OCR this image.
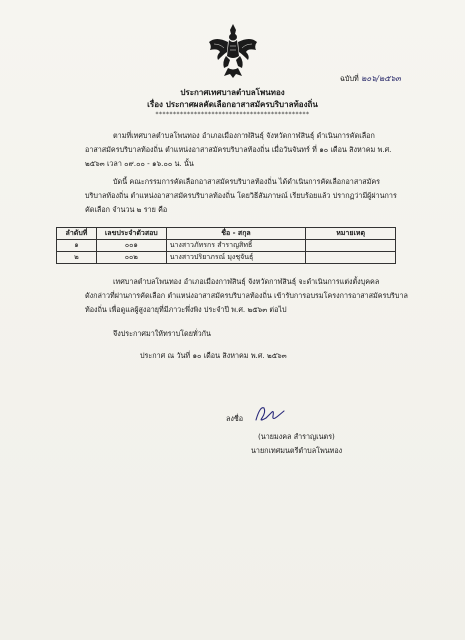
ฉบับที่ ๒๐๖/๒๕๖๓
ประกาศเทศบาลตำบลโพนทอง
เรื่อง ประกาศผลคัดเลือกอาสาสมัครบริบาลท้องถิ่น
********************************************
ตามที่เทศบาลตำบลโพนทอง อำเภอเมืองกาฬสินธุ์ จังหวัดกาฬสินธุ์ ดำเนินการคัดเลือก
อาสาสมัครบริบาลท้องถิ่น ตำแหน่งอาสาสมัครบริบาลท้องถิ่น เมื่อวันจันทร์ ที่ ๑๐ เดือน สิงหาคม พ.ศ.
๒๕๖๓ เวลา ๐๙.๐๐ - ๑๖.๐๐ น. นั้น
บัดนี้ คณะกรรมการคัดเลือกอาสาสมัครบริบาลท้องถิ่น ได้ดำเนินการคัดเลือกอาสาสมัคร
บริบาลท้องถิ่น ตำแหน่งอาสาสมัครบริบาลท้องถิ่น โดยวิธีสัมภาษณ์ เรียบร้อยแล้ว ปรากฏว่ามีผู้ผ่านการ
คัดเลือก จำนวน ๒ ราย คือ
ลำดับที่	เลขประจำตัวสอบ	ชื่อ - สกุล	หมายเหตุ
๑	๐๐๑	นางสาวภัทรกร สำราญสิทธิ์	
๒	๐๐๒	นางสาวปริยาภรณ์ มุงชุจันธุ์	
เทศบาลตำบลโพนทอง อำเภอเมืองกาฬสินธุ์ จังหวัดกาฬสินธุ์ จะดำเนินการแต่งตั้งบุคคล
ดังกล่าวที่ผ่านการคัดเลือก ตำแหน่งอาสาสมัครบริบาลท้องถิ่น เข้ารับการอบรมโครงการอาสาสมัครบริบาล
ท้องถิ่น เพื่อดูแลผู้สูงอายุที่มีภาวะพึ่งพิง ประจำปี พ.ศ. ๒๕๖๓ ต่อไป
จึงประกาศมาให้ทราบโดยทั่วกัน
ประกาศ ณ วันที่ ๑๐ เดือน สิงหาคม พ.ศ. ๒๕๖๓
ลงชื่อ
(นายมงคล สำราญเนตร)
นายกเทศมนตรีตำบลโพนทอง
